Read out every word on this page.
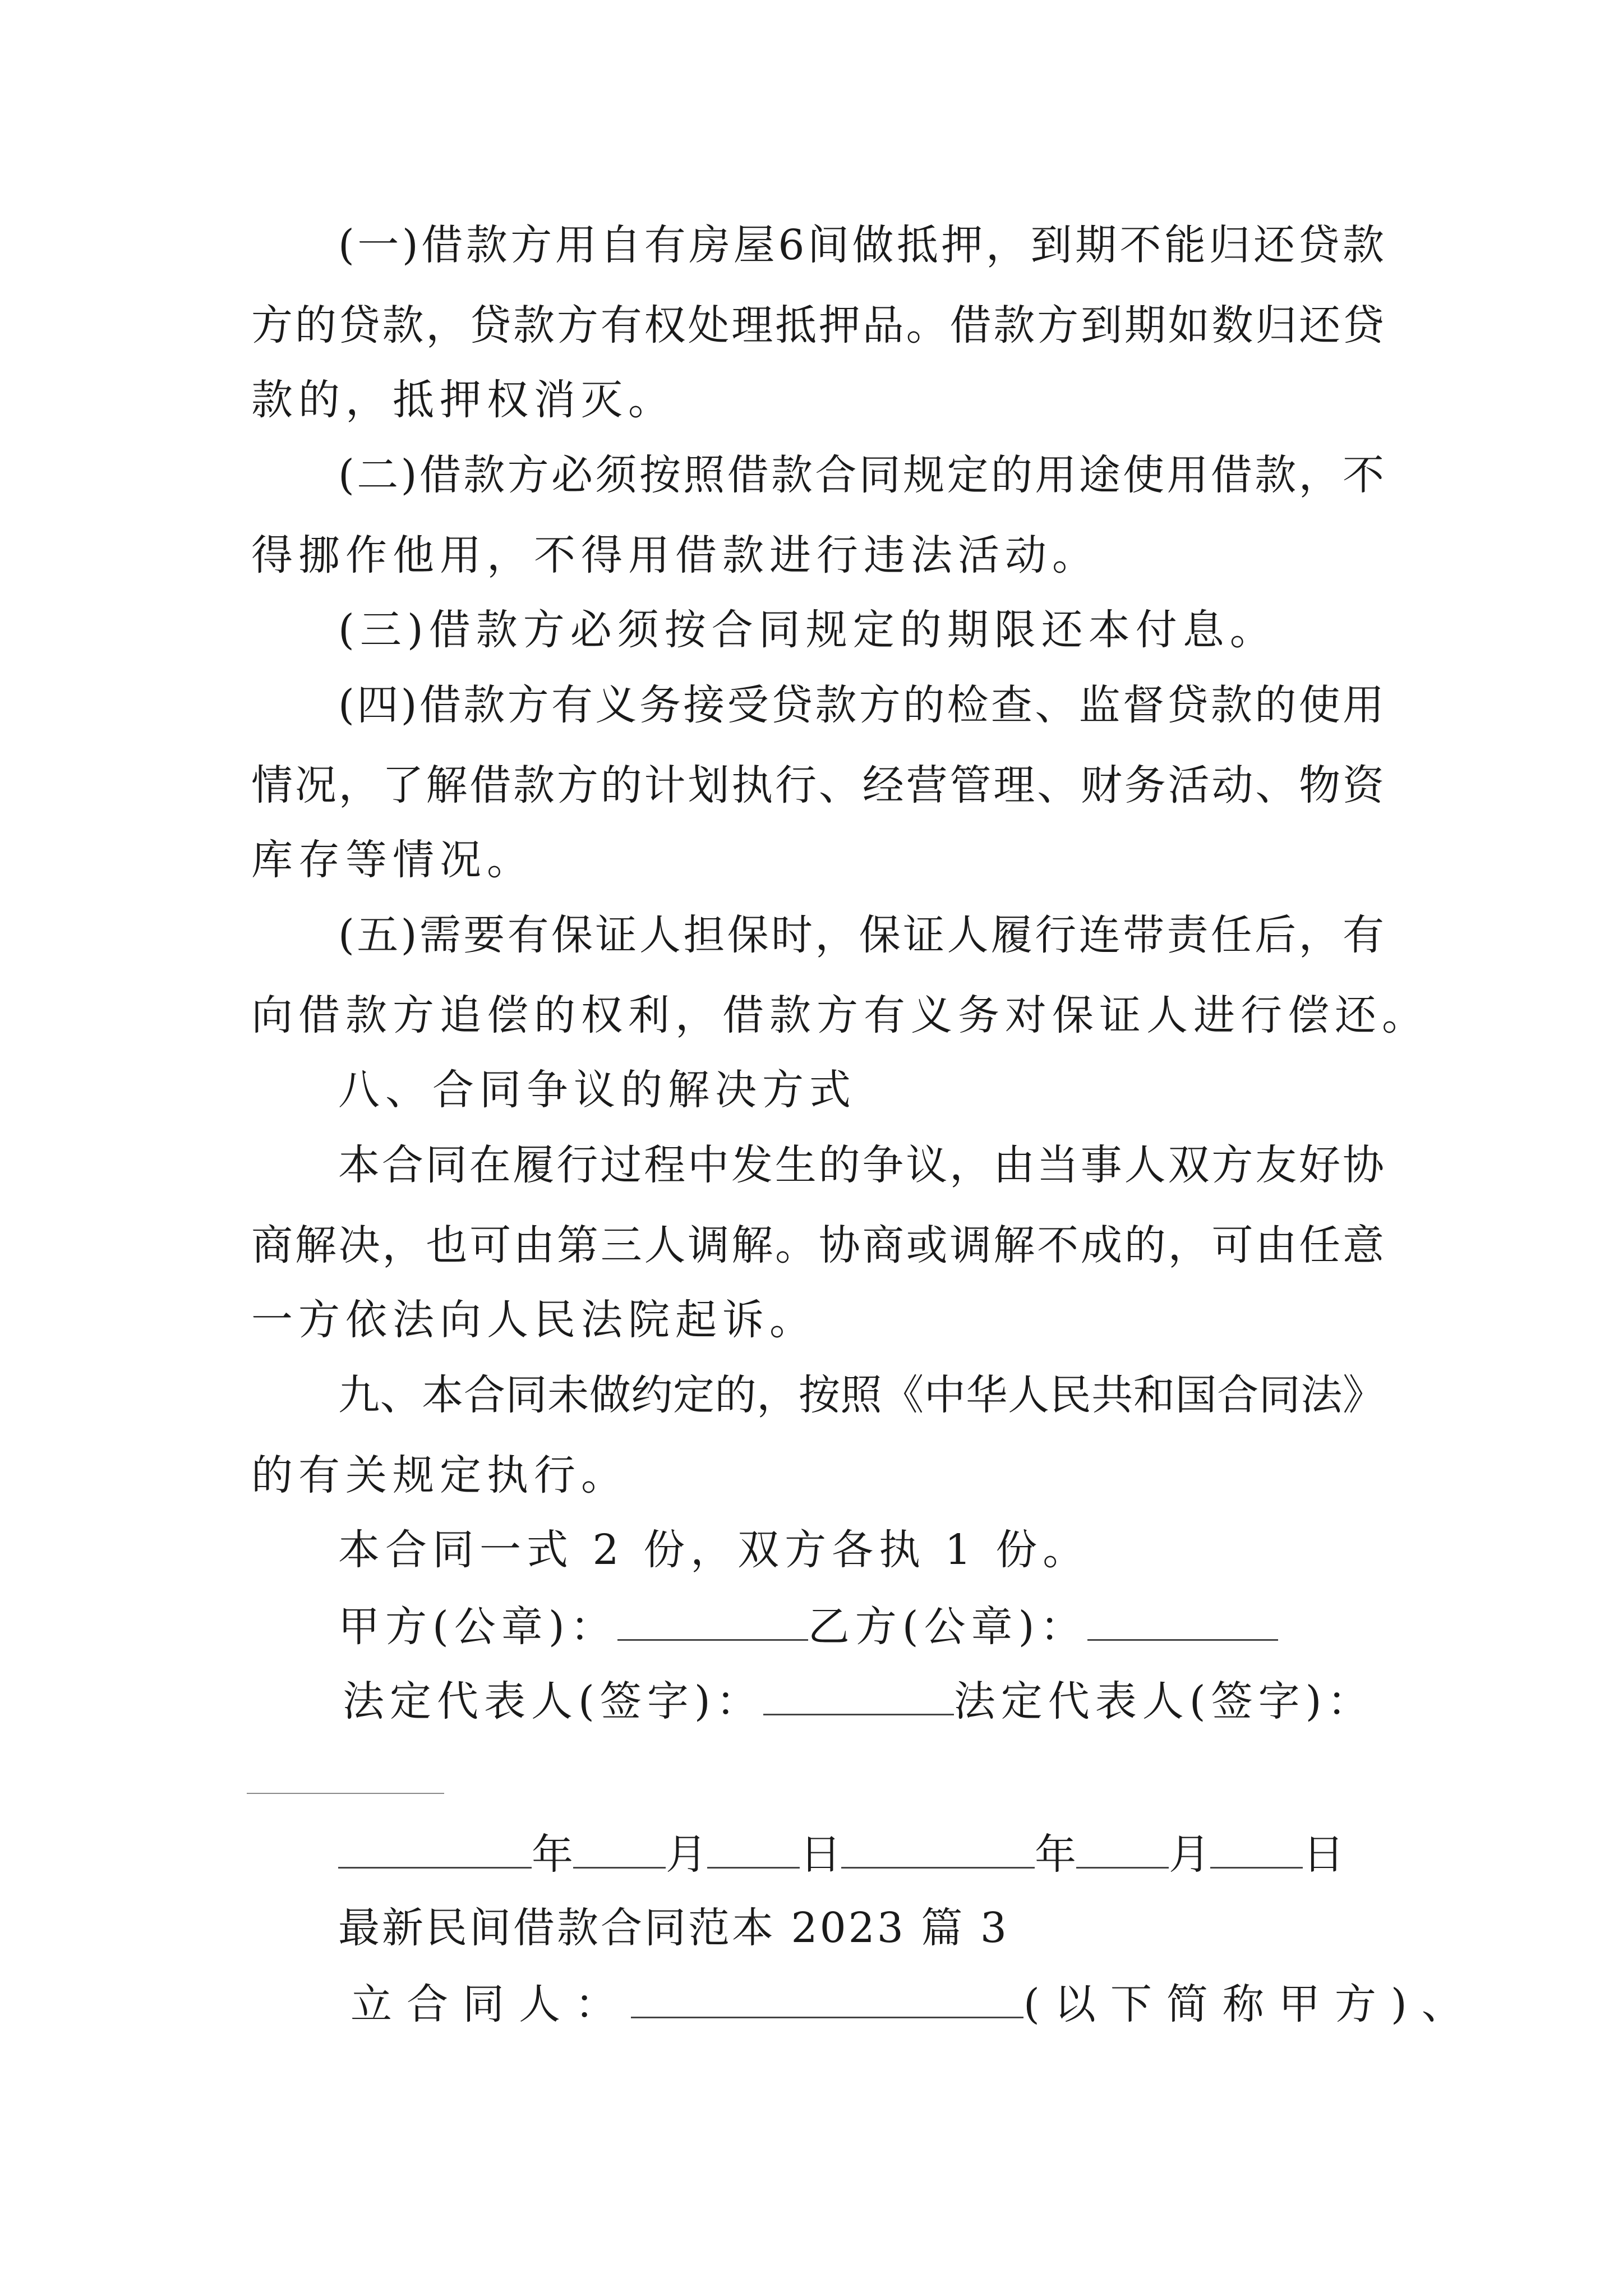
(一)借款方用自有房屋6间做抵押，到期不能归还贷款
方的贷款，贷款方有权处理抵押品。借款方到期如数归还贷
款的，抵押权消灭。
(二)借款方必须按照借款合同规定的用途使用借款，不
得挪作他用，不得用借款进行违法活动。
(三)借款方必须按合同规定的期限还本付息。
(四)借款方有义务接受贷款方的检查、监督贷款的使用
情况，了解借款方的计划执行、经营管理、财务活动、物资
库存等情况。
(五)需要有保证人担保时，保证人履行连带责任后，有
向借款方追偿的权利，借款方有义务对保证人进行偿还。
八、合同争议的解决方式
本合同在履行过程中发生的争议，由当事人双方友好协
商解决，也可由第三人调解。协商或调解不成的，可由任意
一方依法向人民法院起诉。
九、本合同未做约定的，按照《中华人民共和国合同法》
的有关规定执行。
本合同一式 2 份，双方各执 1 份。
甲方(公章)：	乙方(公章)：
法定代表人(签字)：	法定代表人(签字)：
年 月 日	年 月 日
最新民间借款合同范本 2023 篇 3
立合同人：	(以下简称甲方)、
